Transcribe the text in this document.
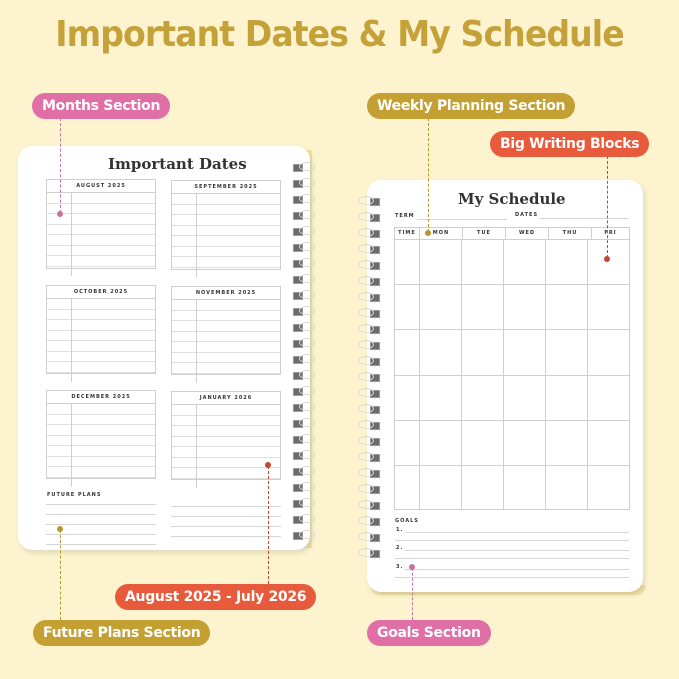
Important Dates & My Schedule
Important Dates
AUGUST 2025	SEPTEMBER 2025
OCTOBER 2025	NOVEMBER 2025
DECEMBER 2025	JANUARY 2026
FUTURE PLANS
My Schedule
TERM	DATES
TIME	MON	TUE	WED	THU	FRI
GOALS
1.
2.
3.
Months Section	Weekly Planning Section
Big Writing Blocks
August 2025 - July 2026
Future Plans Section	Goals Section
